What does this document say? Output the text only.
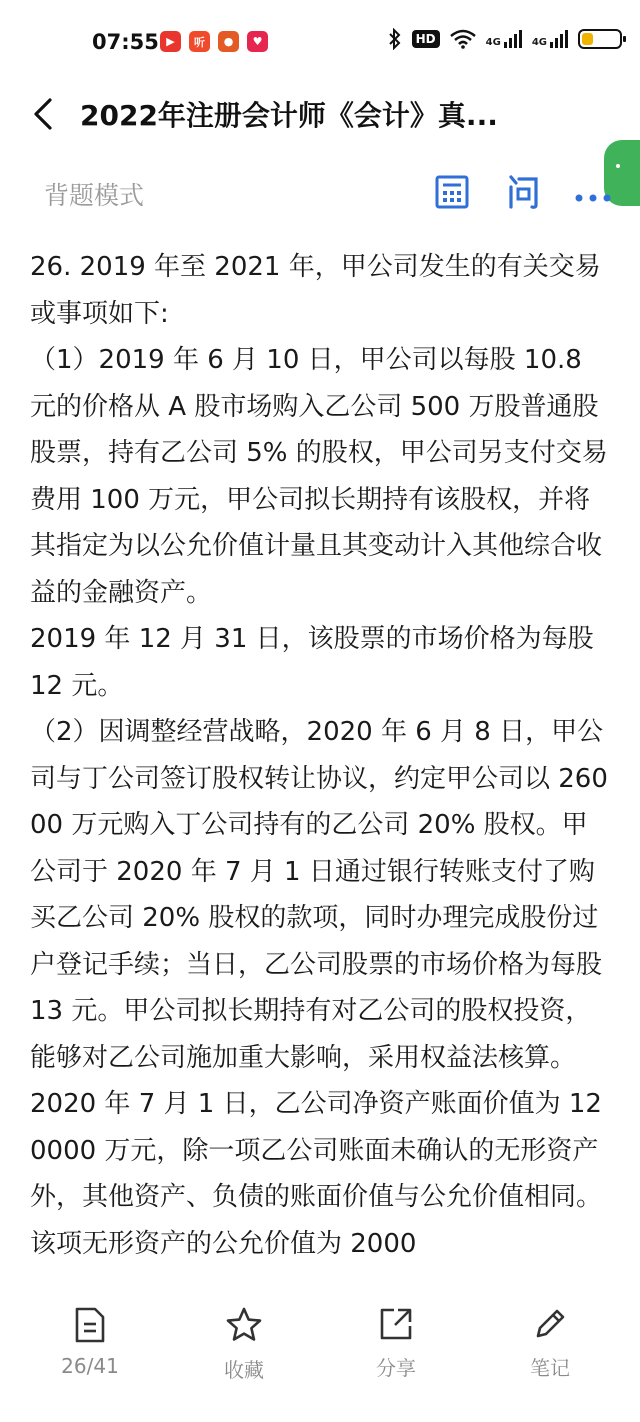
07:55 ▶	听	●	♥	HD	4G	4G
2022年注册会计师《会计》真...
背题模式

26. 2019 年至 2021 年，甲公司发生的有关交易或事项如下:

（1）2019 年 6 月 10 日，甲公司以每股 10.8 元的价格从 A 股市场购入乙公司 500 万股普通股股票，持有乙公司 5% 的股权，甲公司另支付交易费用 100 万元，甲公司拟长期持有该股权，并将其指定为以公允价值计量且其变动计入其他综合收益的金融资产。

2019 年 12 月 31 日，该股票的市场价格为每股 12 元。

（2）因调整经营战略，2020 年 6 月 8 日，甲公司与丁公司签订股权转让协议，约定甲公司以 26000 万元购入丁公司持有的乙公司 20% 股权。甲公司于 2020 年 7 月 1 日通过银行转账支付了购买乙公司 20% 股权的款项，同时办理完成股份过户登记手续；当日，乙公司股票的市场价格为每股 13 元。甲公司拟长期持有对乙公司的股权投资，能够对乙公司施加重大影响，采用权益法核算。

2020 年 7 月 1 日，乙公司净资产账面价值为 120000 万元，除一项乙公司账面未确认的无形资产外，其他资产、负债的账面价值与公允价值相同。该项无形资产的公允价值为 2000

26/41	收藏	分享	笔记
